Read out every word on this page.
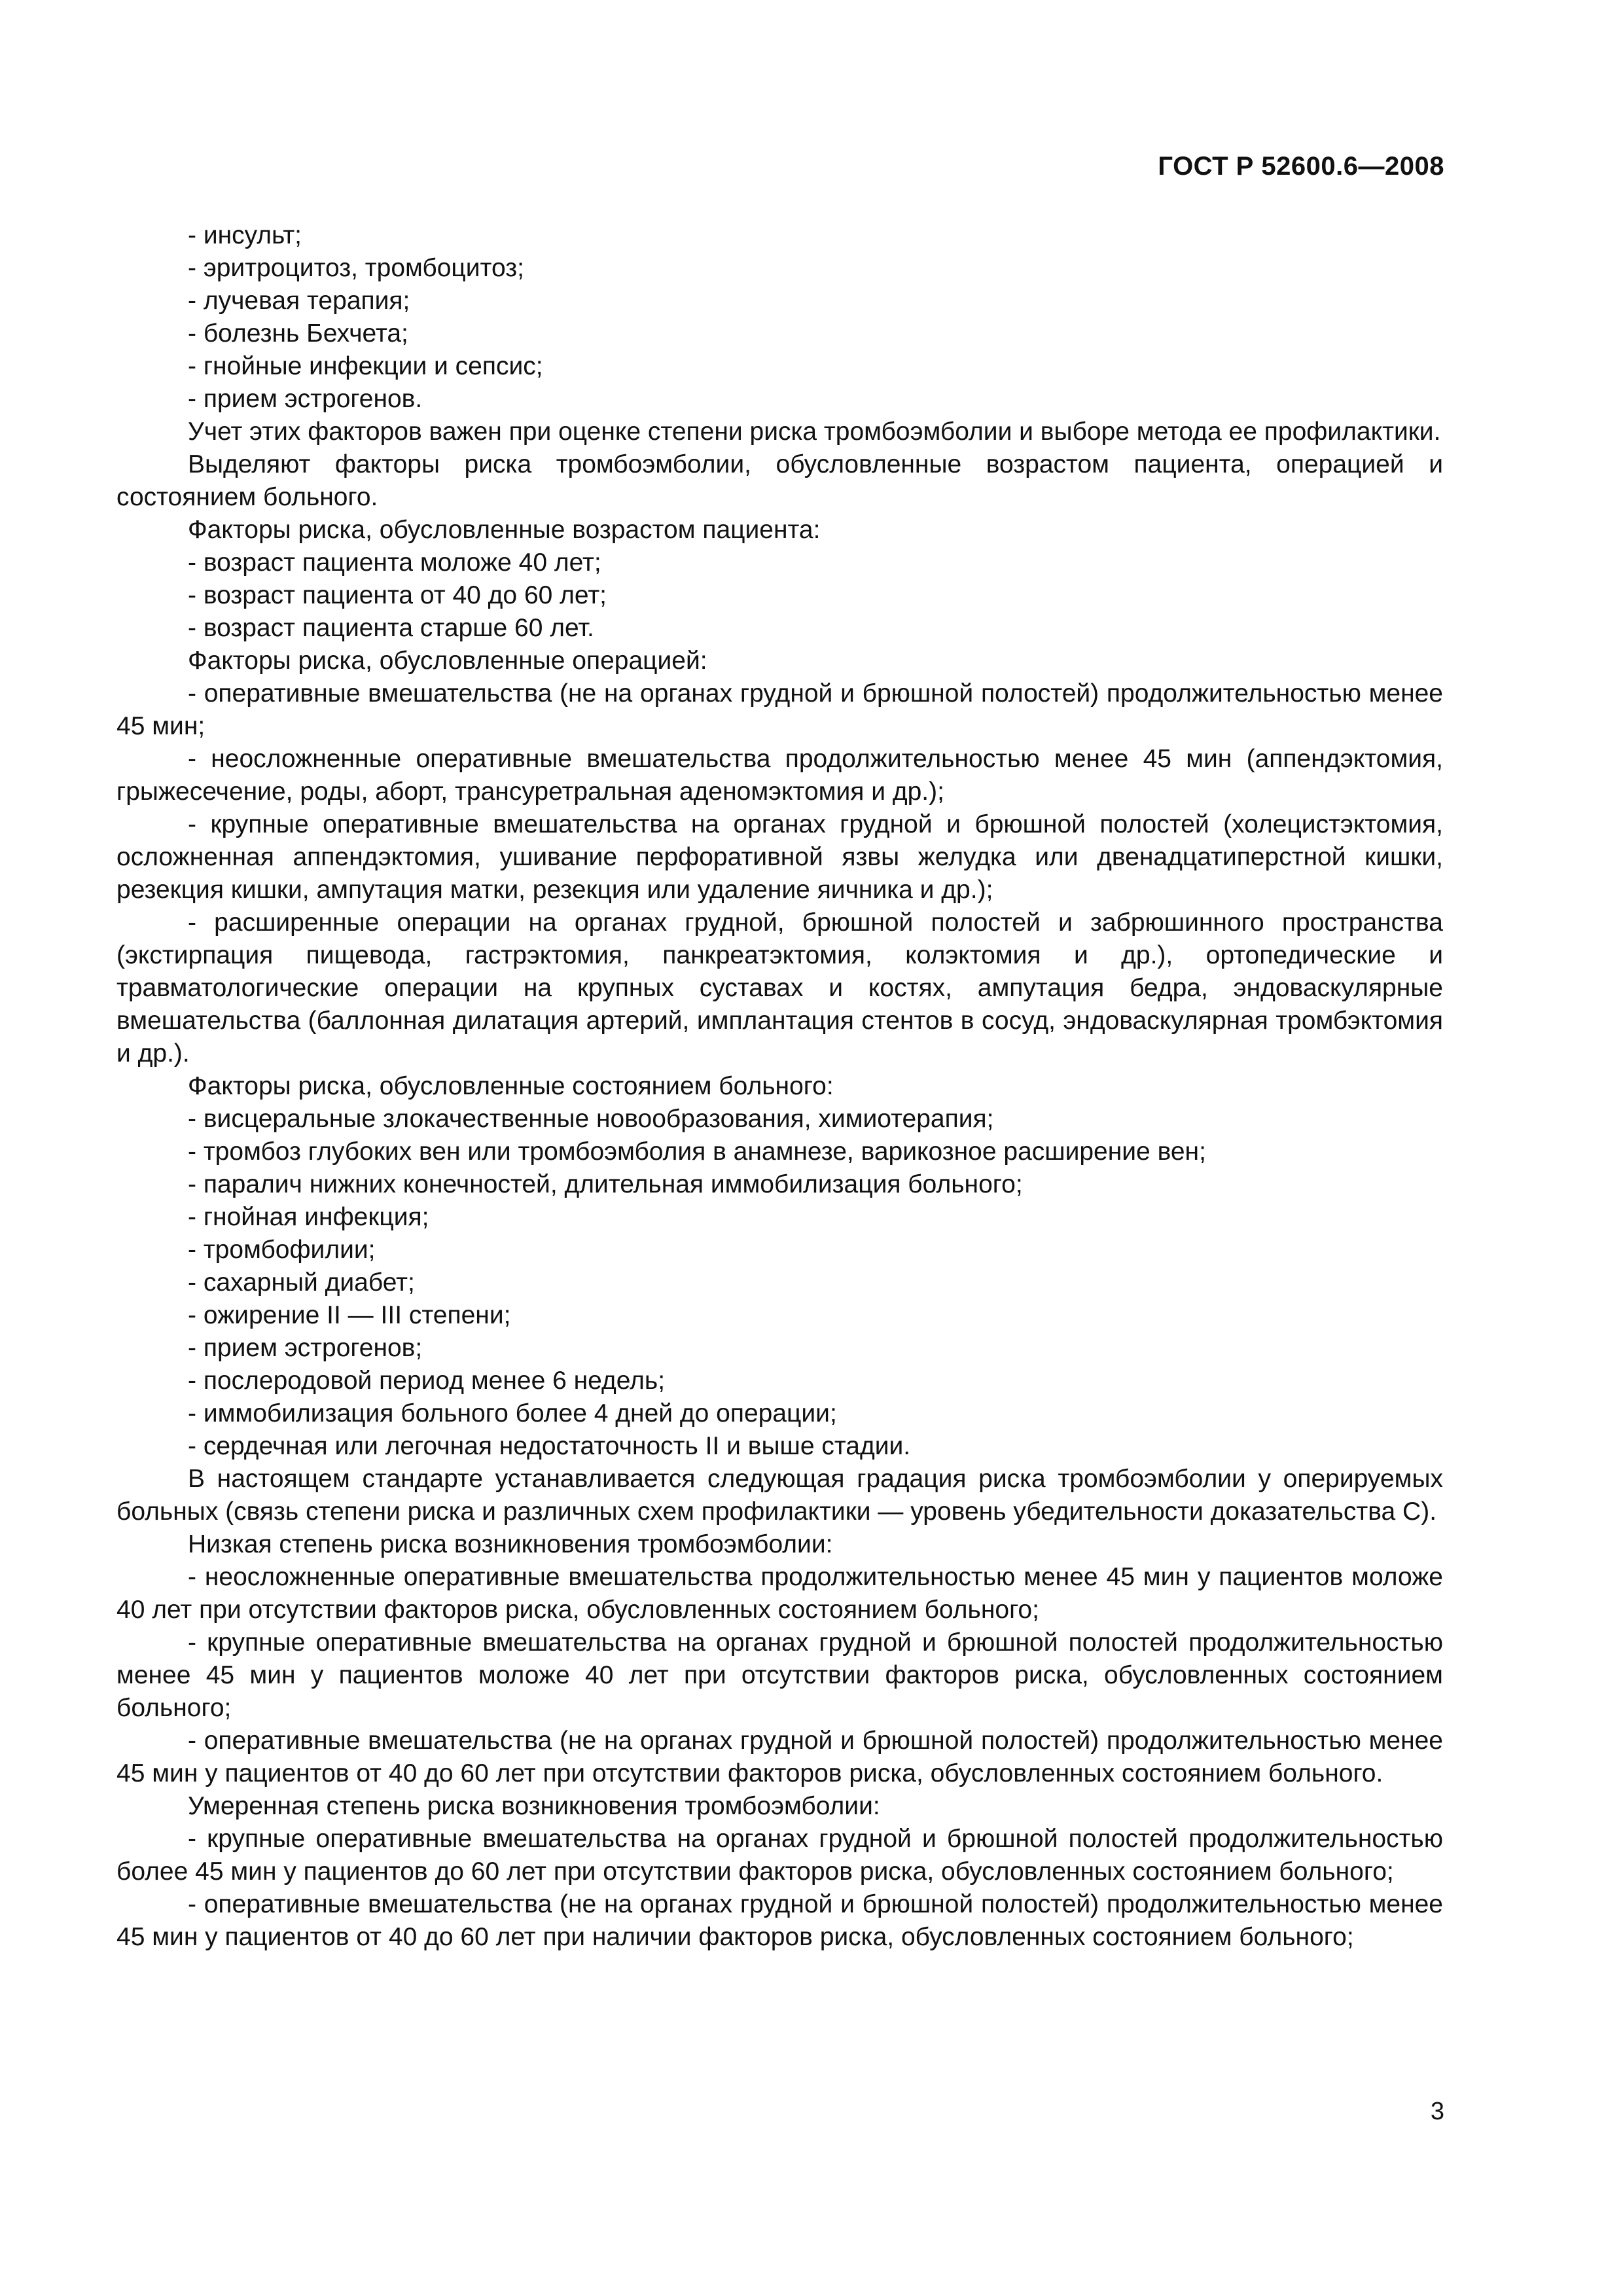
ГОСТ Р 52600.6—2008

- инсульт;

- эритроцитоз, тромбоцитоз;

- лучевая терапия;

- болезнь Бехчета;

- гнойные инфекции и сепсис;

- прием эстрогенов.

Учет этих факторов важен при оценке степени риска тромбоэмболии и выборе метода ее профилактики.

Выделяют факторы риска тромбоэмболии, обусловленные возрастом пациента, операцией и состоянием больного.

Факторы риска, обусловленные возрастом пациента:

- возраст пациента моложе 40 лет;

- возраст пациента от 40 до 60 лет;

- возраст пациента старше 60 лет.

Факторы риска, обусловленные операцией:

- оперативные вмешательства (не на органах грудной и брюшной полостей) продолжительностью менее 45 мин;

- неосложненные оперативные вмешательства продолжительностью менее 45 мин (аппендэктомия, грыжесечение, роды, аборт, трансуретральная аденомэктомия и др.);

- крупные оперативные вмешательства на органах грудной и брюшной полостей (холецистэктомия, осложненная аппендэктомия, ушивание перфоративной язвы желудка или двенадцатиперстной кишки, резекция кишки, ампутация матки, резекция или удаление яичника и др.);

- расширенные операции на органах грудной, брюшной полостей и забрюшинного пространства (экстирпация пищевода, гастрэктомия, панкреатэктомия, колэктомия и др.), ортопедические и травматологические операции на крупных суставах и костях, ампутация бедра, эндоваскулярные вмешательства (баллонная дилатация артерий, имплантация стентов в сосуд, эндоваскулярная тромбэктомия и др.).

Факторы риска, обусловленные состоянием больного:

- висцеральные злокачественные новообразования, химиотерапия;

- тромбоз глубоких вен или тромбоэмболия в анамнезе, варикозное расширение вен;

- паралич нижних конечностей, длительная иммобилизация больного;

- гнойная инфекция;

- тромбофилии;

- сахарный диабет;

- ожирение II — III степени;

- прием эстрогенов;

- послеродовой период менее 6 недель;

- иммобилизация больного более 4 дней до операции;

- сердечная или легочная недостаточность II и выше стадии.

В настоящем стандарте устанавливается следующая градация риска тромбоэмболии у оперируемых больных (связь степени риска и различных схем профилактики — уровень убедительности доказательства С).

Низкая степень риска возникновения тромбоэмболии:

- неосложненные оперативные вмешательства продолжительностью менее 45 мин у пациентов моложе 40 лет при отсутствии факторов риска, обусловленных состоянием больного;

- крупные оперативные вмешательства на органах грудной и брюшной полостей продолжительностью менее 45 мин у пациентов моложе 40 лет при отсутствии факторов риска, обусловленных состоянием больного;

- оперативные вмешательства (не на органах грудной и брюшной полостей) продолжительностью менее 45 мин у пациентов от 40 до 60 лет при отсутствии факторов риска, обусловленных состоянием больного.

Умеренная степень риска возникновения тромбоэмболии:

- крупные оперативные вмешательства на органах грудной и брюшной полостей продолжительностью более 45 мин у пациентов до 60 лет при отсутствии факторов риска, обусловленных состоянием больного;

- оперативные вмешательства (не на органах грудной и брюшной полостей) продолжительностью менее 45 мин у пациентов от 40 до 60 лет при наличии факторов риска, обусловленных состоянием больного;

3
